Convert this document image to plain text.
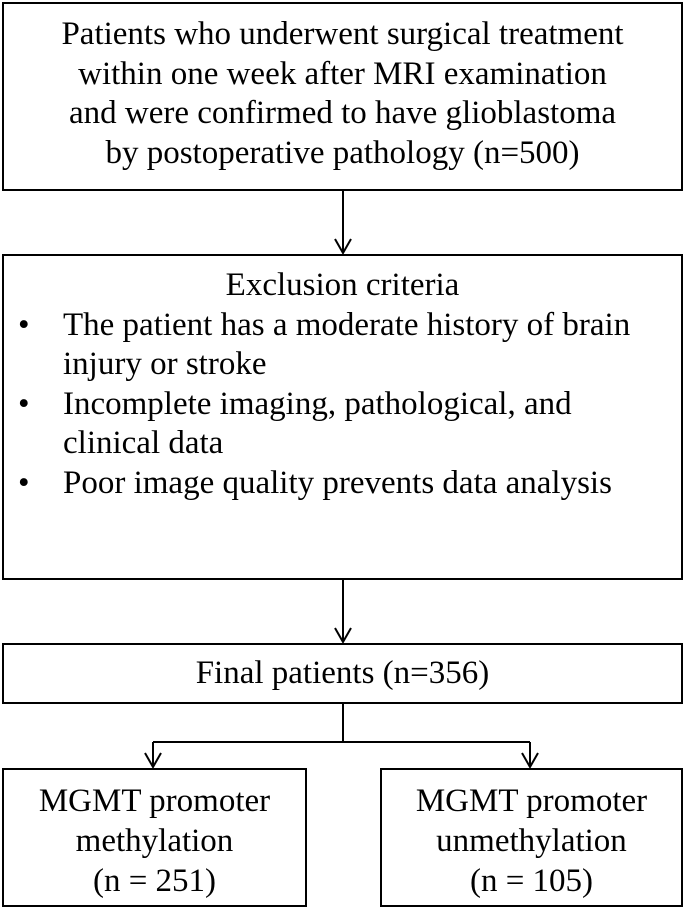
Patients who underwent surgical treatment
within one week after MRI examination
and were confirmed to have glioblastoma
by postoperative pathology (n=500)
Exclusion criteria
• The patient has a moderate history of brain injury or stroke
• Incomplete imaging, pathological, and clinical data
• Poor image quality prevents data analysis
Final patients (n=356)
MGMT promoter
methylation
(n = 251)
MGMT promoter
unmethylation
(n = 105)
